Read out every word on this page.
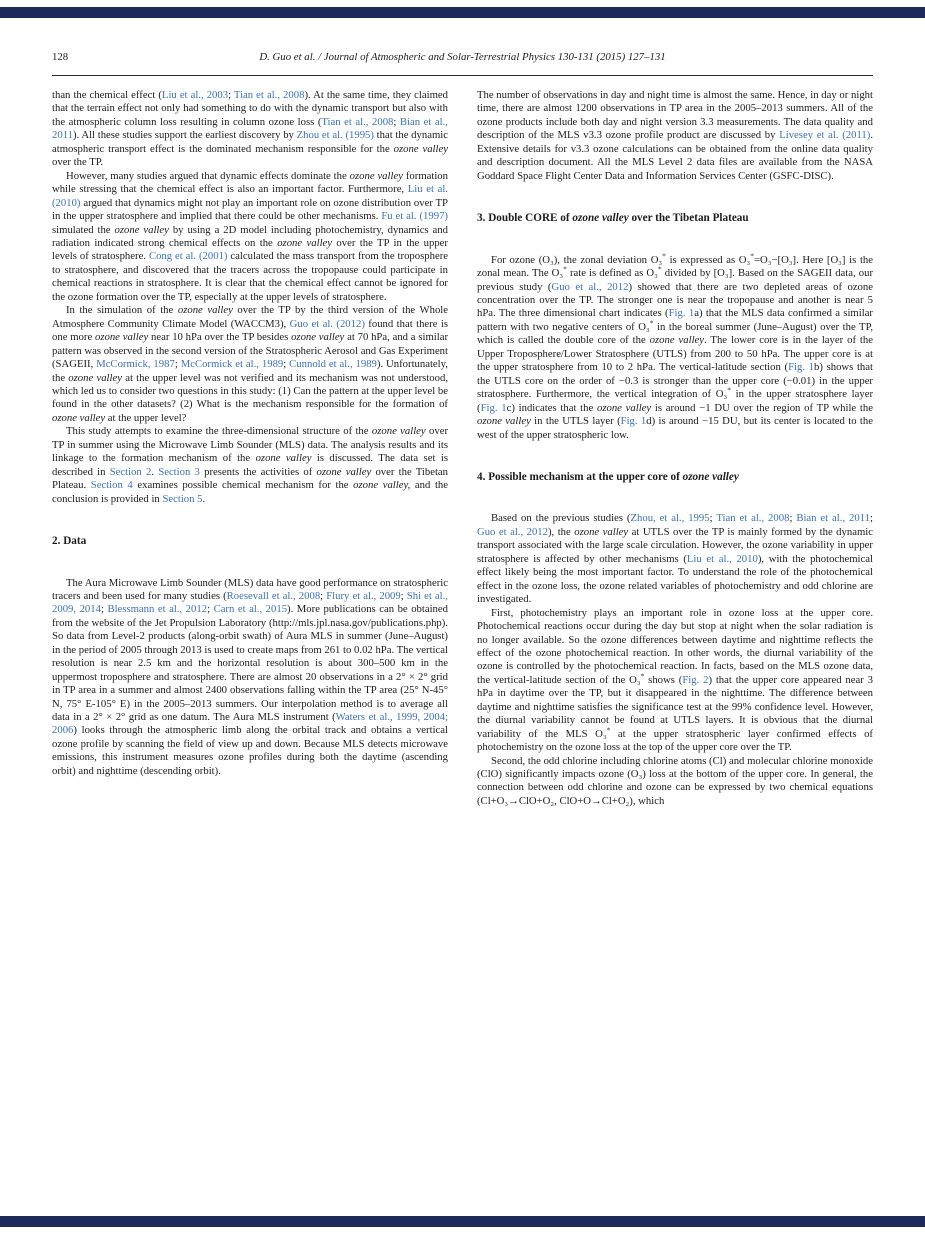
128	D. Guo et al. / Journal of Atmospheric and Solar-Terrestrial Physics 130-131 (2015) 127–131

than the chemical effect (Liu et al., 2003; Tian et al., 2008). At the same time, they claimed that the terrain effect not only had something to do with the dynamic transport but also with the atmospheric column loss resulting in column ozone loss (Tian et al., 2008; Bian et al., 2011). All these studies support the earliest discovery by Zhou et al. (1995) that the dynamic atmospheric transport effect is the dominated mechanism responsible for the ozone valley over the TP.

However, many studies argued that dynamic effects dominate the ozone valley formation while stressing that the chemical effect is also an important factor. Furthermore, Liu et al. (2010) argued that dynamics might not play an important role on ozone distribution over TP in the upper stratosphere and implied that there could be other mechanisms. Fu et al. (1997) simulated the ozone valley by using a 2D model including photochemistry, dynamics and radiation indicated strong chemical effects on the ozone valley over the TP in the upper levels of stratosphere. Cong et al. (2001) calculated the mass transport from the troposphere to stratosphere, and discovered that the tracers across the tropopause could participate in chemical reactions in stratosphere. It is clear that the chemical effect cannot be ignored for the ozone formation over the TP, especially at the upper levels of stratosphere.

In the simulation of the ozone valley over the TP by the third version of the Whole Atmosphere Community Climate Model (WACCM3), Guo et al. (2012) found that there is one more ozone valley near 10 hPa over the TP besides ozone valley at 70 hPa, and a similar pattern was observed in the second version of the Stratospheric Aerosol and Gas Experiment (SAGEII, McCormick, 1987; McCormick et al., 1989; Cunnold et al., 1989). Unfortunately, the ozone valley at the upper level was not verified and its mechanism was not understood, which led us to consider two questions in this study: (1) Can the pattern at the upper level be found in the other datasets? (2) What is the mechanism responsible for the formation of ozone valley at the upper level?

This study attempts to examine the three-dimensional structure of the ozone valley over TP in summer using the Microwave Limb Sounder (MLS) data. The analysis results and its linkage to the formation mechanism of the ozone valley is discussed. The data set is described in Section 2. Section 3 presents the activities of ozone valley over the Tibetan Plateau. Section 4 examines possible chemical mechanism for the ozone valley, and the conclusion is provided in Section 5.

2. Data

The Aura Microwave Limb Sounder (MLS) data have good performance on stratospheric tracers and been used for many studies (Roesevall et al., 2008; Flury et al., 2009; Shi et al., 2009, 2014; Blessmann et al., 2012; Carn et al., 2015). More publications can be obtained from the website of the Jet Propulsion Laboratory (http://mls.jpl.nasa.gov/publications.php). So data from Level-2 products (along-orbit swath) of Aura MLS in summer (June–August) in the period of 2005 through 2013 is used to create maps from 261 to 0.02 hPa. The vertical resolution is near 2.5 km and the horizontal resolution is about 300–500 km in the uppermost troposphere and stratosphere. There are almost 20 observations in a 2° × 2° grid in TP area in a summer and almost 2400 observations falling within the TP area (25° N-45° N, 75° E-105° E) in the 2005–2013 summers. Our interpolation method is to average all data in a 2° × 2° grid as one datum. The Aura MLS instrument (Waters et al., 1999, 2004; 2006) looks through the atmospheric limb along the orbital track and obtains a vertical ozone profile by scanning the field of view up and down. Because MLS detects microwave emissions, this instrument measures ozone profiles during both the daytime (ascending orbit) and nighttime (descending orbit).

The number of observations in day and night time is almost the same. Hence, in day or night time, there are almost 1200 observations in TP area in the 2005–2013 summers. All of the ozone products include both day and night version 3.3 measurements. The data quality and description of the MLS v3.3 ozone profile product are discussed by Livesey et al. (2011). Extensive details for v3.3 ozone calculations can be obtained from the online data quality and description document. All the MLS Level 2 data files are available from the NASA Goddard Space Flight Center Data and Information Services Center (GSFC-DISC).

3. Double CORE of ozone valley over the Tibetan Plateau

For ozone (O₃), the zonal deviation O₃* is expressed as O₃*=O₃−[O₃]. Here [O₃] is the zonal mean. The O₃* rate is defined as O₃* divided by [O₃]. Based on the SAGEII data, our previous study (Guo et al., 2012) showed that there are two depleted areas of ozone concentration over the TP. The stronger one is near the tropopause and another is near 5 hPa. The three dimensional chart indicates (Fig. 1a) that the MLS data confirmed a similar pattern with two negative centers of O₃* in the boreal summer (June–August) over the TP, which is called the double core of the ozone valley. The lower core is in the layer of the Upper Troposphere/Lower Stratosphere (UTLS) from 200 to 50 hPa. The upper core is at the upper stratosphere from 10 to 2 hPa. The vertical-latitude section (Fig. 1b) shows that the UTLS core on the order of −0.3 is stronger than the upper core (−0.01) in the upper stratosphere. Furthermore, the vertical integration of O₃* in the upper stratosphere layer (Fig. 1c) indicates that the ozone valley is around −1 DU over the region of TP while the ozone valley in the UTLS layer (Fig. 1d) is around −15 DU, but its center is located to the west of the upper stratospheric low.

4. Possible mechanism at the upper core of ozone valley

Based on the previous studies (Zhou, et al., 1995; Tian et al., 2008; Bian et al., 2011; Guo et al., 2012), the ozone valley at UTLS over the TP is mainly formed by the dynamic transport associated with the large scale circulation. However, the ozone variability in upper stratosphere is affected by other mechanisms (Liu et al., 2010), with the photochemical effect likely being the most important factor. To understand the role of the photochemical effect in the ozone loss, the ozone related variables of photochemistry and odd chlorine are investigated.

First, photochemistry plays an important role in ozone loss at the upper core. Photochemical reactions occur during the day but stop at night when the solar radiation is no longer available. So the ozone differences between daytime and nighttime reflects the effect of the ozone photochemical reaction. In other words, the diurnal variability of the ozone is controlled by the photochemical reaction. In facts, based on the MLS ozone data, the vertical-latitude section of the O₃* shows (Fig. 2) that the upper core appeared near 3 hPa in daytime over the TP, but it disappeared in the nighttime. The difference between daytime and nighttime satisfies the significance test at the 99% confidence level. However, the diurnal variability cannot be found at UTLS layers. It is obvious that the diurnal variability of the MLS O₃* at the upper stratospheric layer confirmed effects of photochemistry on the ozone loss at the top of the upper core over the TP.

Second, the odd chlorine including chlorine atoms (Cl) and molecular chlorine monoxide (ClO) significantly impacts ozone (O₃) loss at the bottom of the upper core. In general, the connection between odd chlorine and ozone can be expressed by two chemical equations (Cl+O₃→ClO+O₂, ClO+O→Cl+O₂), which
